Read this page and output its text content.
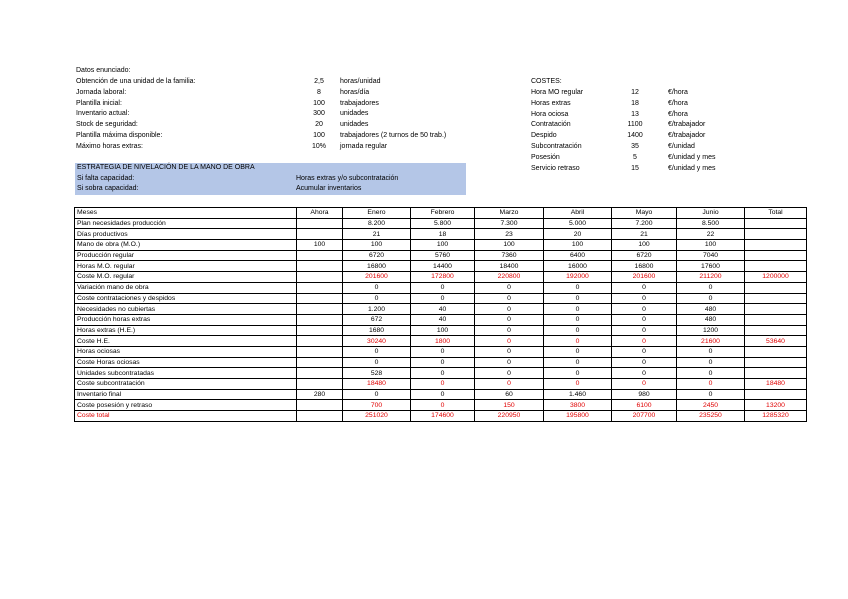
Datos enunciado:
Obtención de una unidad de la familia:	2,5	horas/unidad
Jornada laboral:	8	horas/día
Plantilla inicial:	100	trabajadores
Inventario actual:	300	unidades
Stock de seguridad:	20	unidades
Plantilla máxima disponible:	100	trabajadores (2 turnos de 50 trab.)
Máximo horas extras:	10% jornada regular
COSTES:
Hora MO regular	12	€/hora
Horas extras	18	€/hora
Hora ociosa	13	€/hora
Contratación	1100	€/trabajador
Despido	1400	€/trabajador
Subcontratación	35	€/unidad
Posesión	5	€/unidad y mes
Servicio retraso	15	€/unidad y mes
ESTRATEGIA DE NIVELACIÓN DE LA MANO DE OBRA
Si falta capacidad:	Horas extras y/o subcontratación
Si sobra capacidad:	Acumular inventarios
Meses	Ahora	Enero	Febrero	Marzo	Abril	Mayo	Junio	Total
Plan necesidades producción		8.200	5.800	7.300	5.000	7.200	8.500	
Días productivos		21	18	23	20	21	22	
Mano de obra (M.O.)	100	100	100	100	100	100	100	
Producción regular		6720	5760	7360	6400	6720	7040	
Horas M.O. regular		16800	14400	18400	16000	16800	17600	
Coste M.O. regular		201600	172800	220800	192000	201600	211200	1200000
Variación mano de obra		0	0	0	0	0	0	
Coste contrataciones y despidos		0	0	0	0	0	0	
Necesidades no cubiertas		1.200	40	0	0	0	480	
Producción horas extras		672	40	0	0	0	480	
Horas extras (H.E.)		1680	100	0	0	0	1200	
Coste H.E.		30240	1800	0	0	0	21600	53640
Horas ociosas		0	0	0	0	0	0	
Coste Horas ociosas		0	0	0	0	0	0	
Unidades subcontratadas		528	0	0	0	0	0	
Coste subcontratación		18480	0	0	0	0	0	18480
Inventario final	280	0	0	60	1.460	980	0	
Coste posesión y retraso		700	0	150	3800	6100	2450	13200
Coste total		251020	174600	220950	195800	207700	235250	1285320
